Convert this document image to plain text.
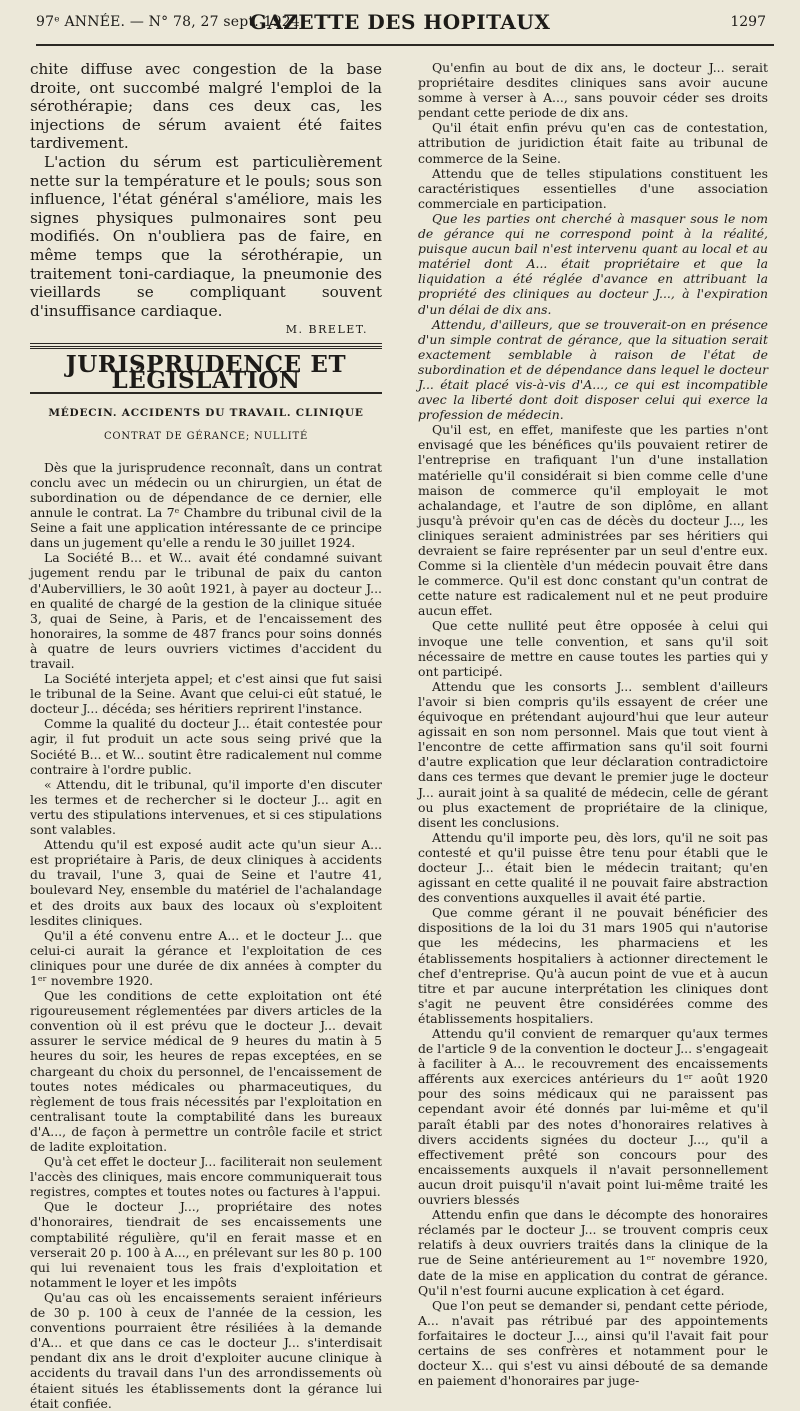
97ᵉ ANNÉE. — N° 78, 27 sept. 1924.
GAZETTE DES HOPITAUX	1297

chite diffuse avec congestion de la base droite, ont succombé malgré l'emploi de la sérothérapie; dans ces deux cas, les injections de sérum avaient été faites tardivement.

L'action du sérum est particulièrement nette sur la température et le pouls; sous son influence, l'état général s'améliore, mais les signes physiques pulmonaires sont peu modifiés. On n'oubliera pas de faire, en même temps que la sérothérapie, un traitement toni-cardiaque, la pneumonie des vieillards se compliquant souvent d'insuffisance cardiaque.

M. BRELET.

JURISPRUDENCE ET LÉGISLATION
MÉDECIN. ACCIDENTS DU TRAVAIL. CLINIQUE
CONTRAT DE GÉRANCE; NULLITÉ

Dès que la jurisprudence reconnaît, dans un contrat conclu avec un médecin ou un chirurgien, un état de subordination ou de dépendance de ce dernier, elle annule le contrat. La 7ᵉ Chambre du tribunal civil de la Seine a fait une application intéressante de ce principe dans un jugement qu'elle a rendu le 30 juillet 1924.

La Société B... et W... avait été condamné suivant jugement rendu par le tribunal de paix du canton d'Aubervilliers, le 30 août 1921, à payer au docteur J... en qualité de chargé de la gestion de la clinique située 3, quai de Seine, à Paris, et de l'encaissement des honoraires, la somme de 487 francs pour soins donnés à quatre de leurs ouvriers victimes d'accident du travail.

La Société interjeta appel; et c'est ainsi que fut saisi le tribunal de la Seine. Avant que celui-ci eût statué, le docteur J... décéda; ses héritiers reprirent l'instance.

Comme la qualité du docteur J... était contestée pour agir, il fut produit un acte sous seing privé que la Société B... et W... soutint être radicalement nul comme contraire à l'ordre public.

« Attendu, dit le tribunal, qu'il importe d'en discuter les termes et de rechercher si le docteur J... agit en vertu des stipulations intervenues, et si ces stipulations sont valables.

Attendu qu'il est exposé audit acte qu'un sieur A... est propriétaire à Paris, de deux cliniques à accidents du travail, l'une 3, quai de Seine et l'autre 41, boulevard Ney, ensemble du matériel de l'achalandage et des droits aux baux des locaux où s'exploitent lesdites cliniques.

Qu'il a été convenu entre A... et le docteur J... que celui-ci aurait la gérance et l'exploitation de ces cliniques pour une durée de dix années à compter du 1ᵉʳ novembre 1920.

Que les conditions de cette exploitation ont été rigoureusement réglementées par divers articles de la convention où il est prévu que le docteur J... devait assurer le service médical de 9 heures du matin à 5 heures du soir, les heures de repas exceptées, en se chargeant du choix du personnel, de l'encaissement de toutes notes médicales ou pharmaceutiques, du règlement de tous frais nécessités par l'exploitation en centralisant toute la comptabilité dans les bureaux d'A..., de façon à permettre un contrôle facile et strict de ladite exploitation.

Qu'à cet effet le docteur J... faciliterait non seulement l'accès des cliniques, mais encore communiquerait tous registres, comptes et toutes notes ou factures à l'appui.

Que le docteur J..., propriétaire des notes d'honoraires, tiendrait de ses encaissements une comptabilité régulière, qu'il en ferait masse et en verserait 20 p. 100 à A..., en prélevant sur les 80 p. 100 qui lui revenaient tous les frais d'exploitation et notamment le loyer et les impôts

Qu'au cas où les encaissements seraient inférieurs de 30 p. 100 à ceux de l'année de la cession, les conventions pourraient être résiliées à la demande d'A... et que dans ce cas le docteur J... s'interdisait pendant dix ans le droit d'exploiter aucune clinique à accidents du travail dans l'un des arrondissements où étaient situés les établissements dont la gérance lui était confiée.

Qu'enfin au bout de dix ans, le docteur J... serait propriétaire desdites cliniques sans avoir aucune somme à verser à A..., sans pouvoir céder ses droits pendant cette periode de dix ans.

Qu'il était enfin prévu qu'en cas de contestation, attribution de juridiction était faite au tribunal de commerce de la Seine.

Attendu que de telles stipulations constituent les caractéristiques essentielles d'une association commerciale en participation.

Que les parties ont cherché à masquer sous le nom de gérance qui ne correspond point à la réalité, puisque aucun bail n'est intervenu quant au local et au matériel dont A... était propriétaire et que la liquidation a été réglée d'avance en attribuant la propriété des cliniques au docteur J..., à l'expiration d'un délai de dix ans.

Attendu, d'ailleurs, que se trouverait-on en présence d'un simple contrat de gérance, que la situation serait exactement semblable à raison de l'état de subordination et de dépendance dans lequel le docteur J... était placé vis-à-vis d'A..., ce qui est incompatible avec la liberté dont doit disposer celui qui exerce la profession de médecin.

Qu'il est, en effet, manifeste que les parties n'ont envisagé que les bénéfices qu'ils pouvaient retirer de l'entreprise en trafiquant l'un d'une installation matérielle qu'il considérait si bien comme celle d'une maison de commerce qu'il employait le mot achalandage, et l'autre de son diplôme, en allant jusqu'à prévoir qu'en cas de décès du docteur J..., les cliniques seraient administrées par ses héritiers qui devraient se faire représenter par un seul d'entre eux. Comme si la clientèle d'un médecin pouvait être dans le commerce. Qu'il est donc constant qu'un contrat de cette nature est radicalement nul et ne peut produire aucun effet.

Que cette nullité peut être opposée à celui qui invoque une telle convention, et sans qu'il soit nécessaire de mettre en cause toutes les parties qui y ont participé.

Attendu que les consorts J... semblent d'ailleurs l'avoir si bien compris qu'ils essayent de créer une équivoque en prétendant aujourd'hui que leur auteur agissait en son nom personnel. Mais que tout vient à l'encontre de cette affirmation sans qu'il soit fourni d'autre explication que leur déclaration contradictoire dans ces termes que devant le premier juge le docteur J... aurait joint à sa qualité de médecin, celle de gérant ou plus exactement de propriétaire de la clinique, disent les conclusions.

Attendu qu'il importe peu, dès lors, qu'il ne soit pas contesté et qu'il puisse être tenu pour établi que le docteur J... était bien le médecin traitant; qu'en agissant en cette qualité il ne pouvait faire abstraction des conventions auxquelles il avait été partie.

Que comme gérant il ne pouvait bénéficier des dispositions de la loi du 31 mars 1905 qui n'autorise que les médecins, les pharmaciens et les établissements hospitaliers à actionner directement le chef d'entreprise. Qu'à aucun point de vue et à aucun titre et par aucune interprétation les cliniques dont s'agit ne peuvent être considérées comme des établissements hospitaliers.

Attendu qu'il convient de remarquer qu'aux termes de l'article 9 de la convention le docteur J... s'engageait à faciliter à A... le recouvrement des encaissements afférents aux exercices antérieurs du 1ᵉʳ août 1920 pour des soins médicaux qui ne paraissent pas cependant avoir été donnés par lui-même et qu'il paraît établi par des notes d'honoraires relatives à divers accidents signées du docteur J..., qu'il a effectivement prêté son concours pour des encaissements auxquels il n'avait personnellement aucun droit puisqu'il n'avait point lui-même traité les ouvriers blessés

Attendu enfin que dans le décompte des honoraires réclamés par le docteur J... se trouvent compris ceux relatifs à deux ouvriers traités dans la clinique de la rue de Seine antérieurement au 1ᵉʳ novembre 1920, date de la mise en application du contrat de gérance. Qu'il n'est fourni aucune explication à cet égard.

Que l'on peut se demander si, pendant cette période, A... n'avait pas rétribué par des appointements forfaitaires le docteur J..., ainsi qu'il l'avait fait pour certains de ses confrères et notamment pour le docteur X... qui s'est vu ainsi débouté de sa demande en paiement d'honoraires par juge-
